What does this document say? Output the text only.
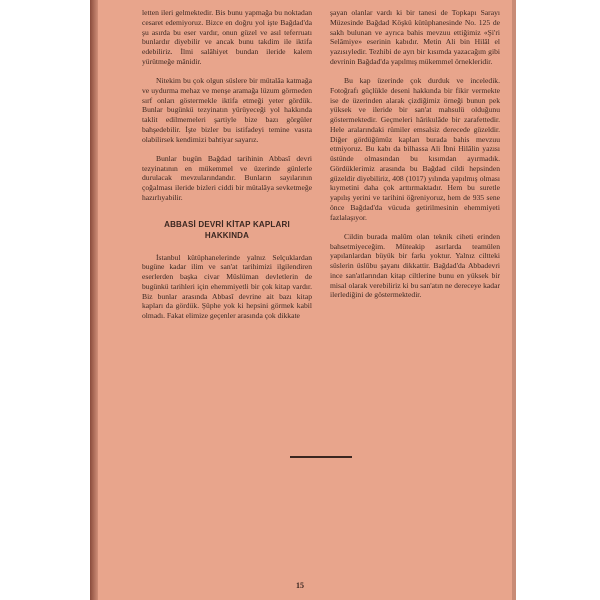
letten ileri gelmektedir. Bis bunu yapmağa bu noktadan cesaret edemiyoruz. Bizce en doğru yol işte Bağdad'da şu asırda bu eser vardır, onun güzel ve asıl teferruatı bunlardır diyebilir ve ancak bunu takdim ile iktifa edebiliriz. İlmi salâhiyet bundan ileride kalem yürütmeğe mânidir.

Nitekim bu çok olgun süslere bir mütalâa katmağa ve uydurma mehaz ve menşe aramağa lüzum görmeden sırf onları göstermekle iktifa etmeği yeter gördük. Bunlar bugünkü tezyinatın yürüyeceği yol hakkında taklit edilmemeleri şartiyle bize bazı görgüler bahşedebilir. İşte bizler bu istifadeyi temine vasıta olabilirsek kendimizi bahtiyar sayarız.

Bunlar bugün Bağdad tarihinin Abbasî devri tezyinatının en mükemmel ve üzerinde günlerle durulacak mevzularındandır. Bunların sayılarının çoğalması ileride bizleri ciddi bir mütalâya sevketmeğe hazırlıyabilir.

ABBASİ DEVRİ KİTAP KAPLARI HAKKINDA

İstanbul kütüphanelerinde yalnız Selçuklardan bugüne kadar ilim ve san'at tarihimizi ilgilendiren eserlerden başka civar Müslüman devletlerin de bugünkü tarihleri için ehemmiyetli bir çok kitap vardır. Biz bunlar arasında Abbasî devrine ait bazı kitap kapları da gördük. Şüphe yok ki hepsini görmek kabil olmadı. Fakat elimize geçenler arasında çok dikkate

şayan olanlar vardı ki bir tanesi de Topkapı Sarayı Müzesinde Bağdad Köşkü kütüphanesinde No. 125 de sakh bulunan ve ayrıca bahis mevzuu ettiğimiz «Şi'ri Selâmiye» eserinin kabıdır. Metin Ali bin Hilâl el yazısıyledir. Tezhibi de ayrı bir kısımda yazacağım gibi devrinin Bağdad'da yapılmış mükemmel örnekleridir.

Bu kap üzerinde çok durduk ve inceledik. Fotoğrafı güçlükle deseni hakkında bir fikir vermekte ise de üzerinden alarak çizdiğimiz örneği bunun pek yüksek ve ileride bir san'at mahsulü olduğunu göstermektedir. Geçmeleri hârikulâde bir zarafettedir. Hele aralarındaki rümiler emsalsiz derecede güzeldir. Diğer gördüğümüz kapları burada bahis mevzuu etmiyoruz. Bu kabı da bilhassa Ali İbni Hilâlin yazısı üstünde olmasından bu kısımdan ayırmadık. Gördüklerimiz arasında bu Bağdad cildi hepsinden güzeldir diyebiliriz, 408 (1017) yılında yapılmış olması kıymetini daha çok arttırmaktadır. Hem bu suretle yapılış yerini ve tarihini öğreniyoruz, hem de 935 sene önce Bağdad'da vücuda getirilmesinin ehemmiyeti fazlalaşıyor.

Cildin burada malûm olan teknik ciheti erinden bahsetmiyeceğim. Müteakip asırlarda teamülen yapılanlardan büyük bir farkı yoktur. Yalnız ciltteki süslerin üslûbu şayanı dikkattir. Bağdad'da Abbadevri ince san'atlarından kitap ciltlerine bunu en yüksek bir misal olarak verebiliriz ki bu san'atın ne dereceye kadar ilerlediğini de göstermektedir.

15
